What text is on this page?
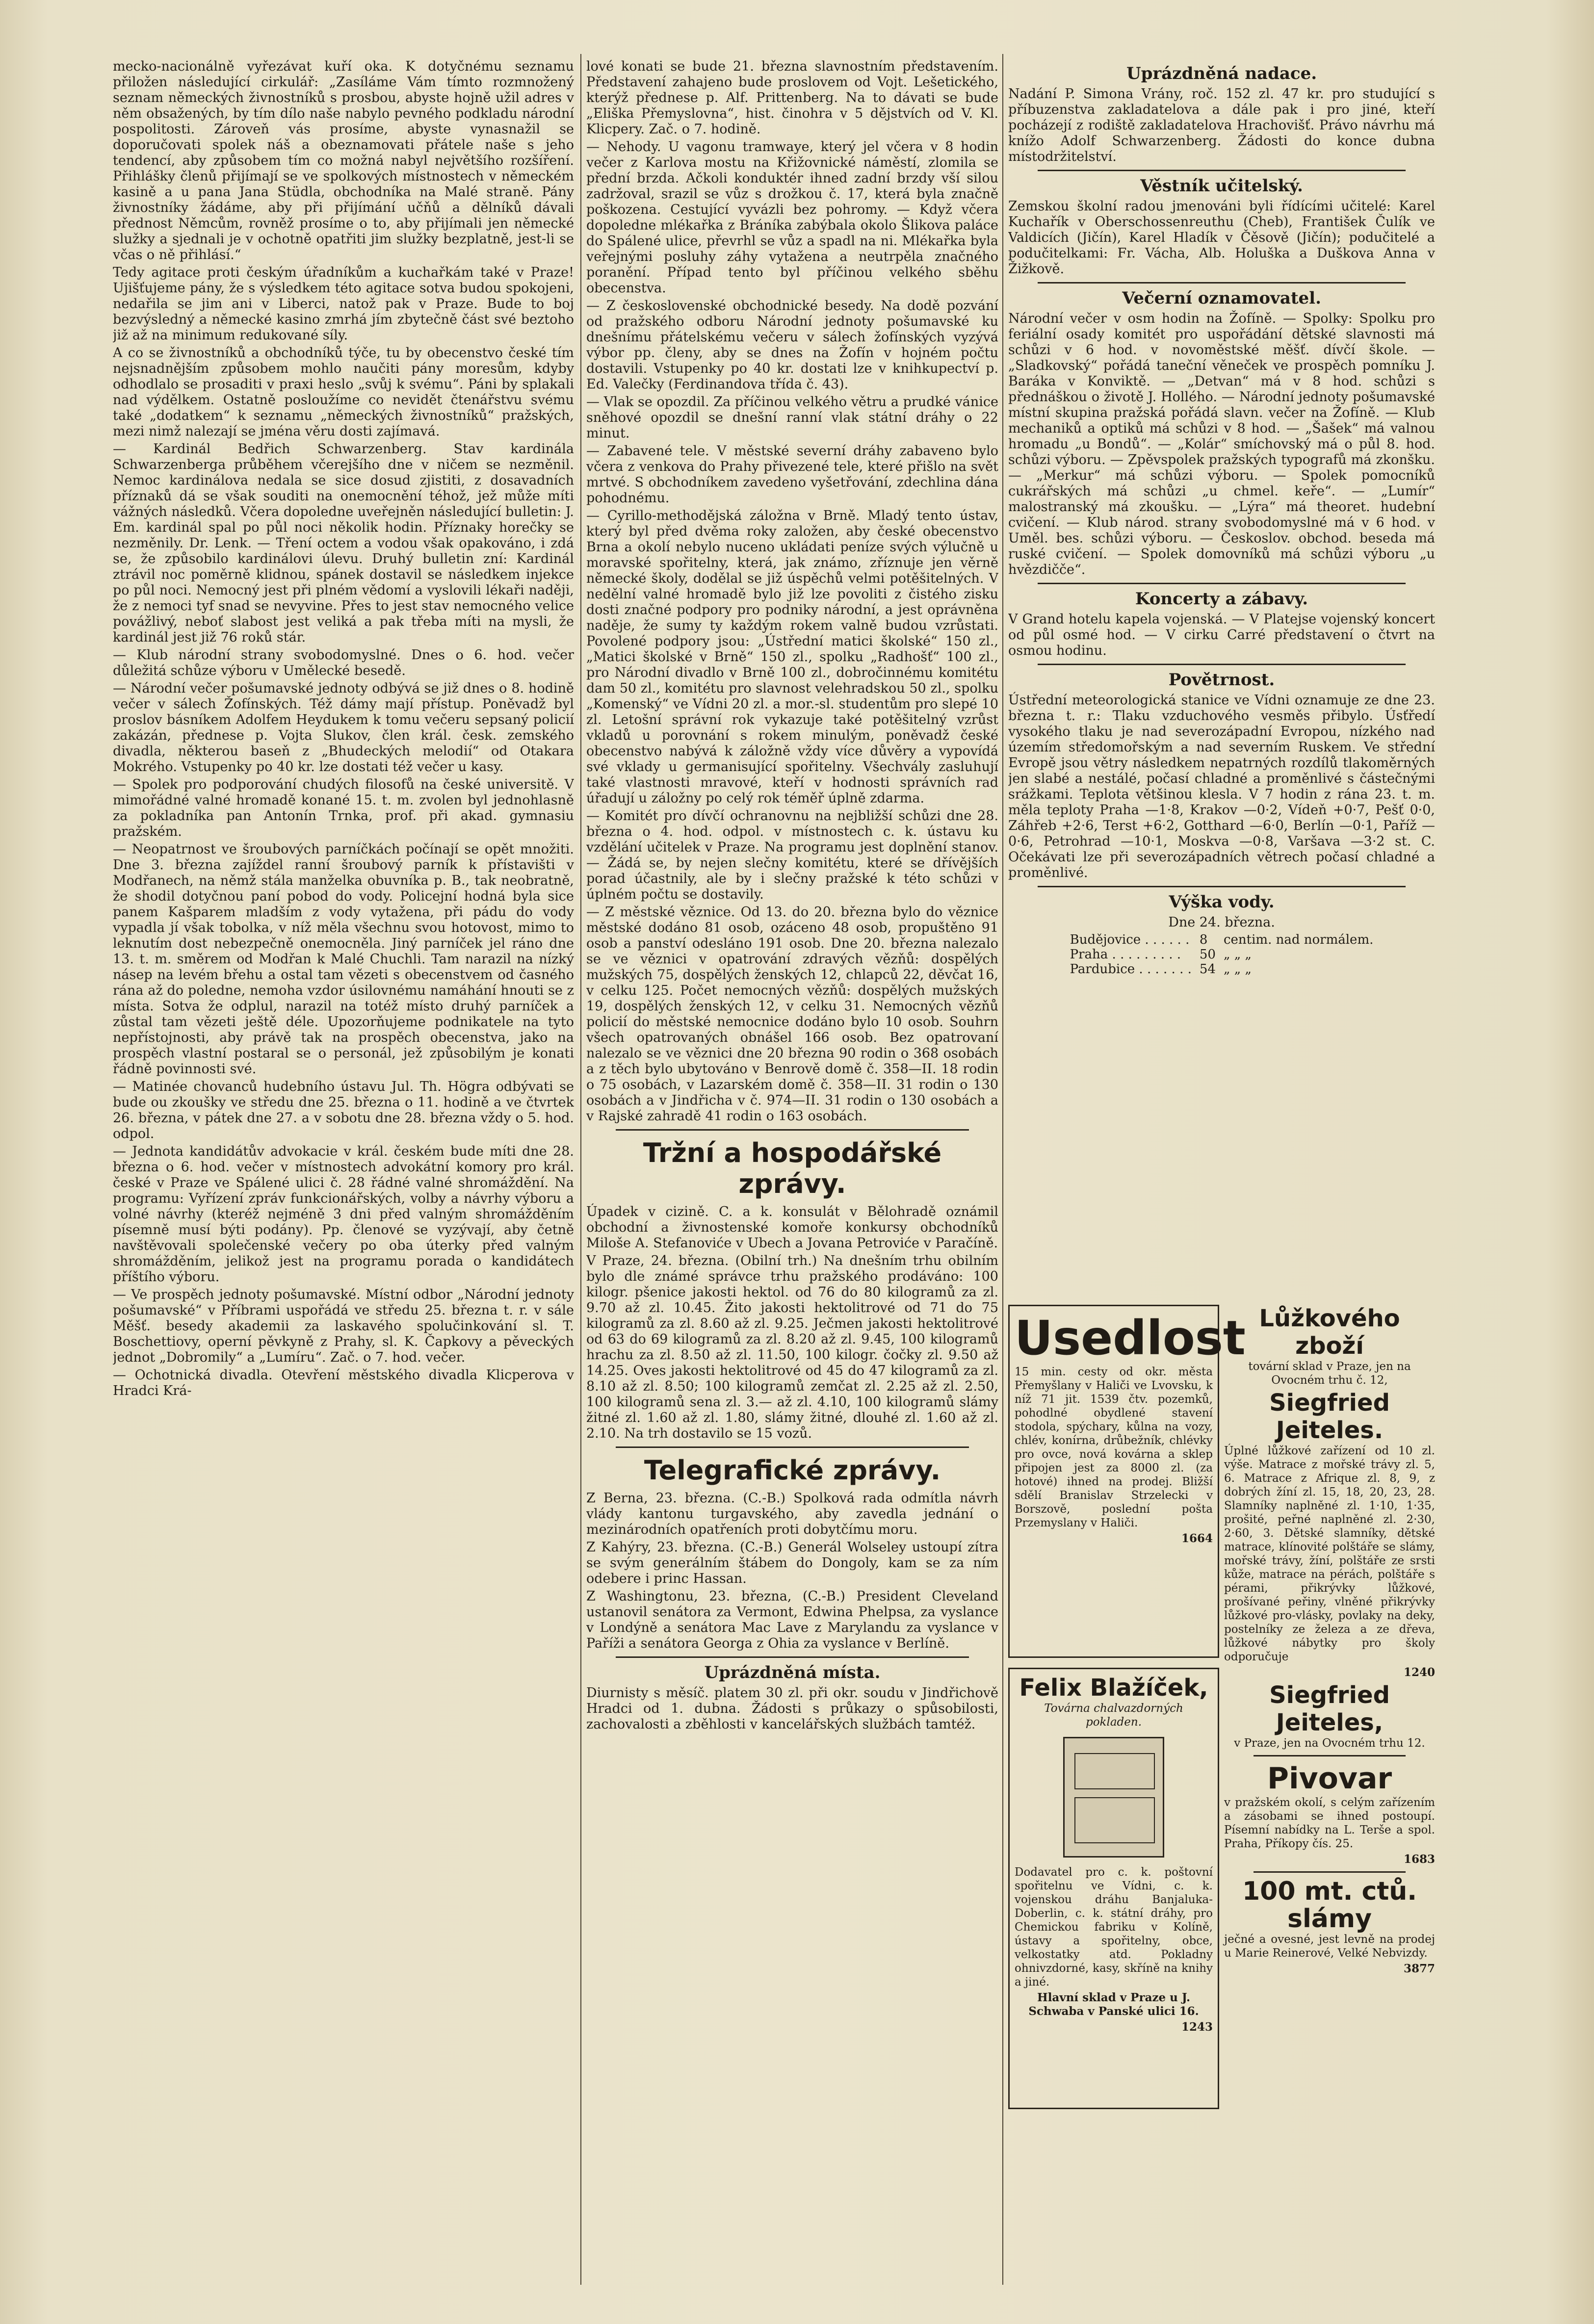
mecko-nacionálně vyřezávat kuří oka. K dotyčnému seznamu přiložen následující cirkulář: „Zasíláme Vám tímto rozmnožený seznam německých živnostníků s prosbou, abyste hojně užil adres v něm obsažených, by tím dílo naše nabylo pevného podkladu národní pospolitosti. Zároveň vás prosíme, abyste vynasnažil se doporučovati spolek náš a obeznamovati přátele naše s jeho tendencí, aby způsobem tím co možná nabyl největšího rozšíření. Přihlášky členů přijímají se ve spolkových místnostech v německém kasině a u pana Jana Stüdla, obchodníka na Malé straně. Pány živnostníky žádáme, aby při přijímání učňů a dělníků dávali přednost Němcům, rovněž prosíme o to, aby přijímali jen německé služky a sjednali je v ochotně opatřiti jim služky bezplatně, jest-li se včas o ně přihlásí.“

Tedy agitace proti českým úřadníkům a kuchařkám také v Praze! Ujišťujeme pány, že s výsledkem této agitace sotva budou spokojeni, nedařila se jim ani v Liberci, natož pak v Praze. Bude to boj bezvýsledný a německé kasino zmrhá jím zbytečně část své beztoho již až na minimum redukované síly.

A co se živnostníků a obchodníků týče, tu by obecenstvo české tím nejsnadnějším způsobem mohlo naučiti pány moresům, kdyby odhodlalo se prosaditi v praxi heslo „svůj k svému“. Páni by splakali nad výdělkem. Ostatně posloužíme co nevidět čtenářstvu svému také „dodatkem“ k seznamu „německých živnostníků“ pražských, mezi nimž nalezají se jména věru dosti zajímavá.

— Kardinál Bedřich Schwarzenberg. Stav kardinála Schwarzenberga průběhem včerejšího dne v ničem se nezměnil. Nemoc kardinálova nedala se sice dosud zjistiti, z dosavadních příznaků dá se však souditi na onemocnění téhož, jež může míti vážných následků. Včera dopoledne uveřejněn následující bulletin: J. Em. kardinál spal po půl noci několik hodin. Příznaky horečky se nezměnily. Dr. Lenk. — Tření octem a vodou však opakováno, i zdá se, že způsobilo kardinálovi úlevu. Druhý bulletin zní: Kardinál ztrávil noc poměrně klidnou, spánek dostavil se následkem injekce po půl noci. Nemocný jest při plném vědomí a vyslovili lékaři naději, že z nemoci tyf snad se nevyvine. Přes to jest stav nemocného velice povážlivý, neboť slabost jest veliká a pak třeba míti na mysli, že kardinál jest již 76 roků stár.

— Klub národní strany svobodomyslné. Dnes o 6. hod. večer důležitá schůze výboru v Umělecké besedě.

— Národní večer pošumavské jednoty odbývá se již dnes o 8. hodině večer v sálech Žofínských. Též dámy mají přístup. Poněvadž byl proslov básníkem Adolfem Heydukem k tomu večeru sepsaný policií zakázán, přednese p. Vojta Slukov, člen král. česk. zemského divadla, některou baseň z „Bhudeckých melodií“ od Otakara Mokrého. Vstupenky po 40 kr. lze dostati též večer u kasy.

— Spolek pro podporování chudých filosofů na české universitě. V mimořádné valné hromadě konané 15. t. m. zvolen byl jednohlasně za pokladníka pan Antonín Trnka, prof. při akad. gymnasiu pražském.

— Neopatrnost ve šroubových parníčkách počínají se opět množiti. Dne 3. března zajíždel ranní šroubový parník k přístavišti v Modřanech, na němž stála manželka obuvníka p. B., tak neobratně, že shodil dotyčnou paní pobod do vody. Policejní hodná byla sice panem Kašparem mladším z vody vytažena, při pádu do vody vypadla jí však tobolka, v níž měla všechnu svou hotovost, mimo to leknutím dost nebezpečně onemocněla. Jiný parníček jel ráno dne 13. t. m. směrem od Modřan k Malé Chuchli. Tam narazil na nízký násep na levém břehu a ostal tam vězeti s obecenstvem od časného rána až do poledne, nemoha vzdor úsilovnému namáhání hnouti se z místa. Sotva že odplul, narazil na totéž místo druhý parníček a zůstal tam vězeti ještě déle. Upozorňujeme podnikatele na tyto nepřístojnosti, aby právě tak na prospěch obecenstva, jako na prospěch vlastní postaral se o personál, jež způsobilým je konati řádně povinnosti své.

— Matinée chovanců hudebního ústavu Jul. Th. Högra odbývati se bude ou zkoušky ve středu dne 25. března o 11. hodině a ve čtvrtek 26. března, v pátek dne 27. a v sobotu dne 28. března vždy o 5. hod. odpol.

— Jednota kandidátův advokacie v král. českém bude míti dne 28. března o 6. hod. večer v místnostech advokátní komory pro král. české v Praze ve Spálené ulici č. 28 řádné valné shromáždění. Na programu: Vyřízení zpráv funkcionářských, volby a návrhy výboru a volné návrhy (kteréž nejméně 3 dni před valným shromážděním písemně musí býti podány). Pp. členové se vyzývají, aby četně navštěvovali společenské večery po oba úterky před valným shromážděním, jelikož jest na programu porada o kandidátech příštího výboru.

— Ve prospěch jednoty pošumavské. Místní odbor „Národní jednoty pošumavské“ v Příbrami uspořádá ve středu 25. března t. r. v sále Měšť. besedy akademii za laskavého spolučinkování sl. T. Boschettiovy, operní pěvkyně z Prahy, sl. K. Čapkovy a pěveckých jednot „Dobromily“ a „Lumíru“. Zač. o 7. hod. večer.

— Ochotnická divadla. Otevření městského divadla Klicperova v Hradci Krá-

lové konati se bude 21. března slavnostním představením. Představení zahajeno bude proslovem od Vojt. Lešetického, kterýž přednese p. Alf. Prittenberg. Na to dávati se bude „Eliška Přemyslovna“, hist. činohra v 5 dějstvích od V. Kl. Klicpery. Zač. o 7. hodině.

— Nehody. U vagonu tramwaye, který jel včera v 8 hodin večer z Karlova mostu na Křižovnické náměstí, zlomila se přední brzda. Ačkoli konduktér ihned zadní brzdy vší silou zadržoval, srazil se vůz s drožkou č. 17, která byla značně poškozena. Cestující vyvázli bez pohromy. — Když včera dopoledne mlékařka z Bráníka zabýbala okolo Šlikova paláce do Spálené ulice, převrhl se vůz a spadl na ni. Mlékařka byla veřejnými posluhy záhy vytažena a neutrpěla značného poranění. Případ tento byl příčinou velkého sběhu obecenstva.

— Z československé obchodnické besedy. Na dodě pozvání od pražského odboru Národní jednoty pošumavské ku dnešnímu přátelskému večeru v sálech žofínských vyzývá výbor pp. členy, aby se dnes na Žofín v hojném počtu dostavili. Vstupenky po 40 kr. dostati lze v knihkupectví p. Ed. Valečky (Ferdinandova třída č. 43).

— Vlak se opozdil. Za příčinou velkého větru a prudké vánice sněhové opozdil se dnešní ranní vlak státní dráhy o 22 minut.

— Zabavené tele. V městské severní dráhy zabaveno bylo včera z venkova do Prahy přivezené tele, které přišlo na svět mrtvé. S obchodníkem zavedeno vyšetřování, zdechlina dána pohodnému.

— Cyrillo-methodějská záložna v Brně. Mladý tento ústav, který byl před dvěma roky založen, aby české obecenstvo Brna a okolí nebylo nuceno ukládati peníze svých výlučně u moravské spořitelny, která, jak známo, zříznuje jen věrně německé školy, dodělal se již úspěchů velmi potěšitelných. V nedělní valné hromadě bylo již lze povoliti z čistého zisku dosti značné podpory pro podniky národní, a jest oprávněna naděje, že sumy ty každým rokem valně budou vzrůstati. Povolené podpory jsou: „Ústřední matici školské“ 150 zl., „Matici školské v Brně“ 150 zl., spolku „Radhošť“ 100 zl., pro Národní divadlo v Brně 100 zl., dobročinnému komitétu dam 50 zl., komitétu pro slavnost velehradskou 50 zl., spolku „Komenský“ ve Vídni 20 zl. a mor.-sl. studentům pro slepé 10 zl. Letošní správní rok vykazuje také potěšitelný vzrůst vkladů u porovnání s rokem minulým, poněvadž české obecenstvo nabývá k záložně vždy více důvěry a vypovídá své vklady u germanisující spořitelny. Všechvály zasluhují také vlastnosti mravové, kteří v hodnosti správních rad úřadují u záložny po celý rok téměř úplně zdarma.

— Komitét pro dívčí ochranovnu na nejbližší schůzi dne 28. března o 4. hod. odpol. v místnostech c. k. ústavu ku vzdělání učitelek v Praze. Na programu jest doplnění stanov. — Žádá se, by nejen slečny komitétu, které se dřívějších porad účastnily, ale by i slečny pražské k této schůzi v úplném počtu se dostavily.

— Z městské věznice. Od 13. do 20. března bylo do věznice městské dodáno 81 osob, ozáceno 48 osob, propuštěno 91 osob a panství odesláno 191 osob. Dne 20. března nalezalo se ve věznici v opatrování zdravých vězňů: dospělých mužských 75, dospělých ženských 12, chlapců 22, děvčat 16, v celku 125. Počet nemocných vězňů: dospělých mužských 19, dospělých ženských 12, v celku 31. Nemocných vězňů policií do městské nemocnice dodáno bylo 10 osob. Souhrn všech opatrovaných obnášel 166 osob. Bez opatrovaní nalezalo se ve věznici dne 20 března 90 rodin o 368 osobách a z těch bylo ubytováno v Benrově domě č. 358—II. 18 rodin o 75 osobách, v Lazarském domě č. 358—II. 31 rodin o 130 osobách a v Jindřicha v č. 974—II. 31 rodin o 130 osobách a v Rajské zahradě 41 rodin o 163 osobách.

Tržní a hospodářské zprávy.

Úpadek v cizině. C. a k. konsulát v Bělohradě oznámil obchodní a živnostenské komoře konkursy obchodníků Miloše A. Stefanoviće v Ubech a Jovana Petroviće v Paračíně.

V Praze, 24. března. (Obilní trh.) Na dnešním trhu obilním bylo dle známé správce trhu pražského prodáváno: 100 kilogr. pšenice jakosti hektol. od 76 do 80 kilogramů za zl. 9.70 až zl. 10.45. Žito jakosti hektolitrové od 71 do 75 kilogramů za zl. 8.60 až zl. 9.25. Ječmen jakosti hektolitrové od 63 do 69 kilogramů za zl. 8.20 až zl. 9.45, 100 kilogramů hrachu za zl. 8.50 až zl. 11.50, 100 kilogr. čočky zl. 9.50 až 14.25. Oves jakosti hektolitrové od 45 do 47 kilogramů za zl. 8.10 až zl. 8.50; 100 kilogramů zemčat zl. 2.25 až zl. 2.50, 100 kilogramů sena zl. 3.— až zl. 4.10, 100 kilogramů slámy žitné zl. 1.60 až zl. 1.80, slámy žitné, dlouhé zl. 1.60 až zl. 2.10. Na trh dostavilo se 15 vozů.

Telegrafické zprávy.

Z Berna, 23. března. (C.-B.) Spolková rada odmítla návrh vlády kantonu turgavského, aby zavedla jednání o mezinárodních opatřeních proti dobytčímu moru.

Z Kahýry, 23. března. (C.-B.) Generál Wolseley ustoupí zítra se svým generálním štábem do Dongoly, kam se za ním odebere i princ Hassan.

Z Washingtonu, 23. března, (C.-B.) President Cleveland ustanovil senátora za Vermont, Edwina Phelpsa, za vyslance v Londýně a senátora Mac Lave z Marylandu za vyslance v Paříži a senátora Georga z Ohia za vyslance v Berlíně.

Uprázdněná místa.

Diurnisty s měsíč. platem 30 zl. při okr. soudu v Jindřichově Hradci od 1. dubna. Žádosti s průkazy o spůsobilosti, zachovalosti a zběhlosti v kancelářských službách tamtéž.

Uprázdněná nadace.

Nadání P. Simona Vrány, roč. 152 zl. 47 kr. pro studující s příbuzenstva zakladatelova a dále pak i pro jiné, kteří pocházejí z rodiště zakladatelova Hrachovišť. Právo návrhu má knížo Adolf Schwarzenberg. Žádosti do konce dubna místodržitelství.

Věstník učitelský.

Zemskou školní radou jmenováni byli řídícími učitelé: Karel Kuchařík v Oberschossenreuthu (Cheb), František Čulík ve Valdicích (Jičín), Karel Hladík v Čěsově (Jičín); podučitelé a podučitelkami: Fr. Vácha, Alb. Holuška a Duškova Anna v Žižkově.

Večerní oznamovatel.

Národní večer v osm hodin na Žofíně. — Spolky: Spolku pro feriální osady komitét pro uspořádání dětské slavnosti má schůzi v 6 hod. v novoměstské měšť. dívčí škole. — „Sladkovský“ pořádá taneční věneček ve prospěch pomníku J. Baráka v Konviktě. — „Detvan“ má v 8 hod. schůzi s přednáškou o životě J. Hollého. — Národní jednoty pošumavské místní skupina pražská pořádá slavn. večer na Žofíně. — Klub mechaniků a optiků má schůzi v 8 hod. — „Šašek“ má valnou hromadu „u Bondů“. — „Kolár“ smíchovský má o půl 8. hod. schůzi výboru. — Zpěvspolek pražských typografů má zkonšku. — „Merkur“ má schůzi výboru. — Spolek pomocníků cukrářských má schůzi „u chmel. keře“. — „Lumír“ malostranský má zkoušku. — „Lýra“ má theoret. hudební cvičení. — Klub národ. strany svobodomyslné má v 6 hod. v Uměl. bes. schůzi výboru. — Českoslov. obchod. beseda má ruské cvičení. — Spolek domovníků má schůzi výboru „u hvězdičče“.

Koncerty a zábavy.

V Grand hotelu kapela vojenská. — V Platejse vojenský koncert od půl osmé hod. — V cirku Carré představení o čtvrt na osmou hodinu.

Povětrnost.

Ústřední meteorologická stanice ve Vídni oznamuje ze dne 23. března t. r.: Tlaku vzduchového vesměs přibylo. Úsťředí vysokého tlaku je nad severozápadní Evropou, nízkého nad územím středomořským a nad severním Ruskem. Ve střední Evropě jsou větry následkem nepatrných rozdílů tlakoměrných jen slabé a nestálé, počasí chladné a proměnlivé s částečnými srážkami. Teplota většinou klesla. V 7 hodin z rána 23. t. m. měla teploty Praha —1·8, Krakov —0·2, Vídeň +0·7, Pešť 0·0, Záhřeb +2·6, Terst +6·2, Gotthard —6·0, Berlín —0·1, Paříž —0·6, Petrohrad —10·1, Moskva —0·8, Varšava —3·2 st. C. Očekávati lze při severozápadních větrech počasí chladné a proměnlivé.

Výška vody.

Dne 24. března.

Budějovice . . . . . .	8	centim. nad normálem.
Praha . . . . . . . . .	50	„ „ „
Pardubice . . . . . . .	54	„ „ „
Usedlost

15 min. cesty od okr. města Přemyšlany v Haliči ve Lvovsku, k níž 71 jit. 1539 čtv. pozemků, pohodlné obydlené stavení stodola, spýchary, kůlna na vozy, chlév, konírna, drůbežník, chlévky pro ovce, nová kovárna a sklep připojen jest za 8000 zl. (za hotové) ihned na prodej. Bližší sdělí Branislav Strzelecki v Borszově, poslední pošta Przemyslany v Haliči.

1664

Lůžkového zboží

tovární sklad v Praze, jen na Ovocném trhu č. 12,

Siegfried Jeiteles.

Úplné lůžkové zařízení od 10 zl. výše. Matrace z mořské trávy zl. 5, 6. Matrace z Afrique zl. 8, 9, z dobrých žíní zl. 15, 18, 20, 23, 28. Slamníky naplněné zl. 1·10, 1·35, prošité, peřné naplněné zl. 2·30, 2·60, 3. Dětské slamníky, dětské matrace, klínovité polštáře se slámy, mořské trávy, žíní, polštáře ze srsti kůže, matrace na pérách, polštáře s pérami, přikrývky lůžkové, prošívané peřiny, vlněné přikrývky lůžkové pro-vlásky, povlaky na deky, postelníky ze železa a ze dřeva, lůžkové nábytky pro školy odporučuje

1240

Siegfried Jeiteles,

v Praze, jen na Ovocném trhu 12.

Pivovar

v pražském okolí, s celým zařízením a zásobami se ihned postoupí. Písemní nabídky na L. Terše a spol. Praha, Příkopy čís. 25.

1683

100 mt. ctů. slámy

ječné a ovesné, jest levně na prodej u Marie Reinerové, Velké Nebvizdy.

3877

Felix Blažíček,

Továrna chalvazdorných pokladen.

Dodavatel pro c. k. poštovní spořitelnu ve Vídni, c. k. vojenskou dráhu Banjaluka-Doberlin, c. k. státní dráhy, pro Chemickou fabriku v Kolíně, ústavy a spořitelny, obce, velkostatky atd. Pokladny ohnivzdorné, kasy, skříně na knihy a jiné.

Hlavní sklad v Praze u J. Schwaba v Panské ulici 16.

1243
